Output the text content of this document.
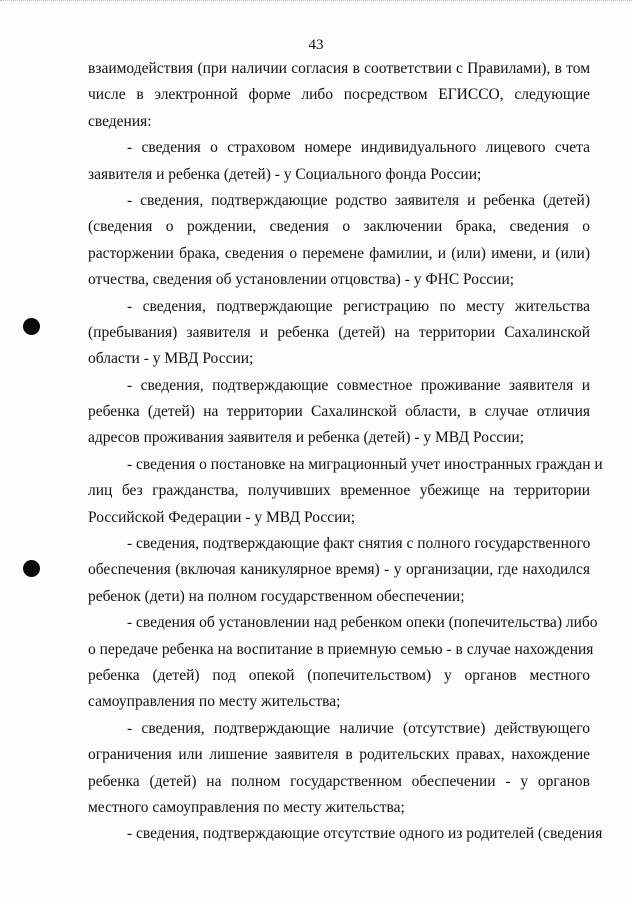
43
взаимодействия (при наличии согласия в соответствии с Правилами), в том
числе в электронной форме либо посредством ЕГИССО, следующие
сведения:
- сведения о страховом номере индивидуального лицевого счета
заявителя и ребенка (детей) - у Социального фонда России;
- сведения, подтверждающие родство заявителя и ребенка (детей)
(сведения о рождении, сведения о заключении брака, сведения о
расторжении брака, сведения о перемене фамилии, и (или) имени, и (или)
отчества, сведения об установлении отцовства) - у ФНС России;
- сведения, подтверждающие регистрацию по месту жительства
(пребывания) заявителя и ребенка (детей) на территории Сахалинской
области - у МВД России;
- сведения, подтверждающие совместное проживание заявителя и
ребенка (детей) на территории Сахалинской области, в случае отличия
адресов проживания заявителя и ребенка (детей) - у МВД России;
- сведения о постановке на миграционный учет иностранных граждан и
лиц без гражданства, получивших временное убежище на территории
Российской Федерации - у МВД России;
- сведения, подтверждающие факт снятия с полного государственного
обеспечения (включая каникулярное время) - у организации, где находился
ребенок (дети) на полном государственном обеспечении;
- сведения об установлении над ребенком опеки (попечительства) либо
о передаче ребенка на воспитание в приемную семью - в случае нахождения
ребенка (детей) под опекой (попечительством) у органов местного
самоуправления по месту жительства;
- сведения, подтверждающие наличие (отсутствие) действующего
ограничения или лишение заявителя в родительских правах, нахождение
ребенка (детей) на полном государственном обеспечении - у органов
местного самоуправления по месту жительства;
- сведения, подтверждающие отсутствие одного из родителей (сведения
